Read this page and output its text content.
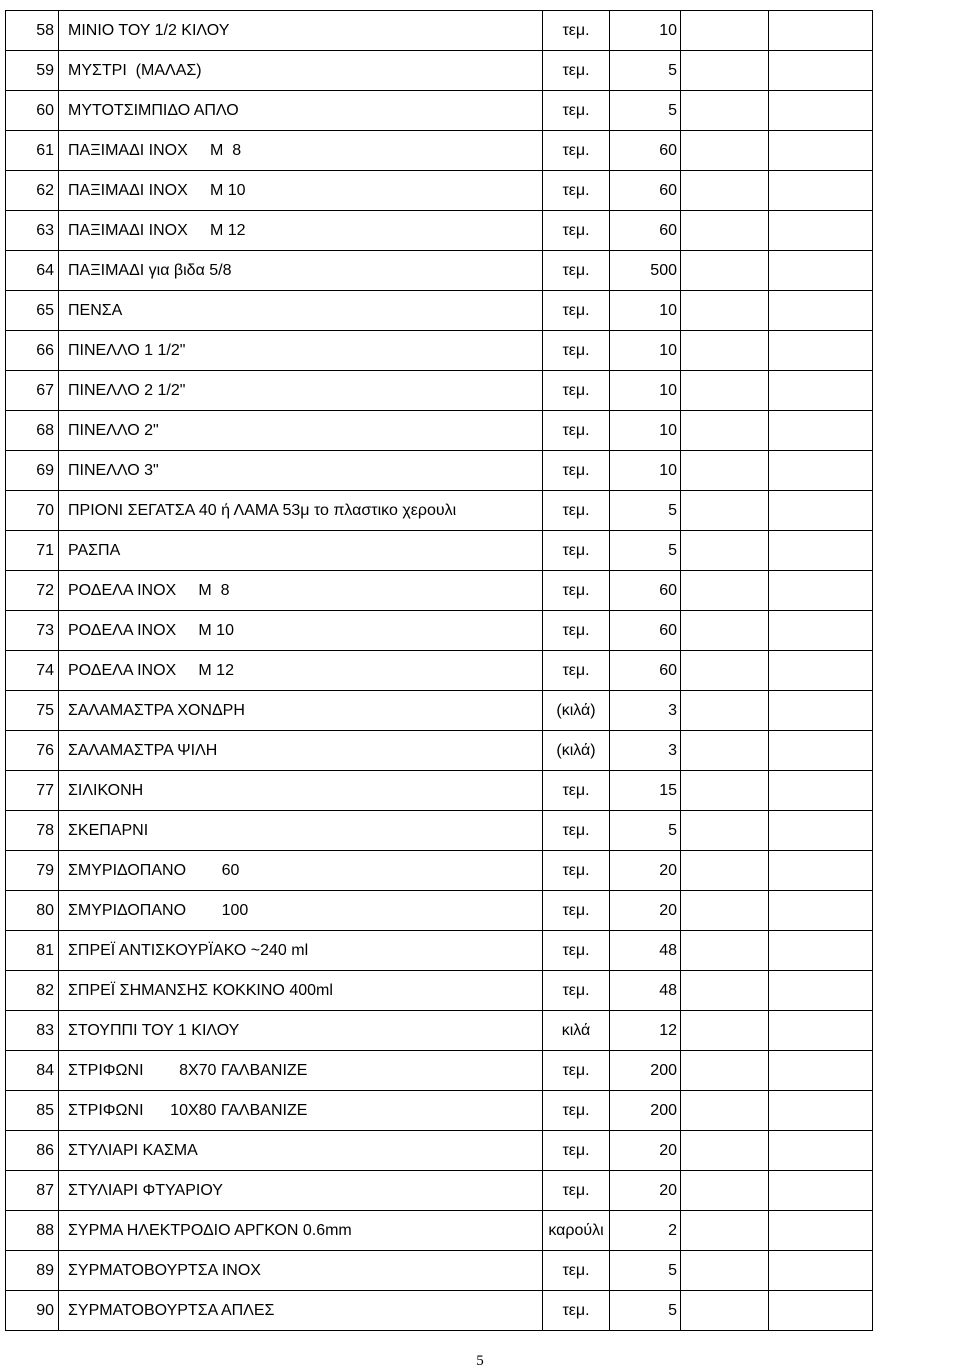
58	ΜΙΝΙΟ ΤΟΥ 1/2 ΚΙΛΟΥ	τεμ.	10		
59	ΜΥΣΤΡΙ  (ΜΑΛΑΣ)	τεμ.	5		
60	ΜΥΤΟΤΣΙΜΠΙΔΟ ΑΠΛΟ	τεμ.	5		
61	ΠΑΞΙΜΑΔΙ ΙΝΟΧ     Μ  8	τεμ.	60		
62	ΠΑΞΙΜΑΔΙ ΙΝΟΧ     Μ 10	τεμ.	60		
63	ΠΑΞΙΜΑΔΙ ΙΝΟΧ     Μ 12	τεμ.	60		
64	ΠΑΞΙΜΑΔΙ για βιδα 5/8	τεμ.	500		
65	ΠΕΝΣΑ	τεμ.	10		
66	ΠΙΝΕΛΛΟ 1 1/2"	τεμ.	10		
67	ΠΙΝΕΛΛΟ 2 1/2"	τεμ.	10		
68	ΠΙΝΕΛΛΟ 2"	τεμ.	10		
69	ΠΙΝΕΛΛΟ 3"	τεμ.	10		
70	ΠΡΙΟΝΙ ΣΕΓΑΤΣΑ 40 ή ΛΑΜΑ 53μ το πλαστικο χερουλι	τεμ.	5		
71	ΡΑΣΠΑ	τεμ.	5		
72	ΡΟΔΕΛΑ ΙΝΟΧ     Μ  8	τεμ.	60		
73	ΡΟΔΕΛΑ ΙΝΟΧ     Μ 10	τεμ.	60		
74	ΡΟΔΕΛΑ ΙΝΟΧ     Μ 12	τεμ.	60		
75	ΣΑΛΑΜΑΣΤΡΑ ΧΟΝΔΡΗ	(κιλά)	3		
76	ΣΑΛΑΜΑΣΤΡΑ ΨΙΛΗ	(κιλά)	3		
77	ΣΙΛΙΚΟΝΗ	τεμ.	15		
78	ΣΚΕΠΑΡΝΙ	τεμ.	5		
79	ΣΜΥΡΙΔΟΠΑΝΟ        60	τεμ.	20		
80	ΣΜΥΡΙΔΟΠΑΝΟ        100	τεμ.	20		
81	ΣΠΡΕΪ ΑΝΤΙΣΚΟΥΡΪΑΚΟ ~240 ml	τεμ.	48		
82	ΣΠΡΕΪ ΣΗΜΑΝΣΗΣ ΚΟΚΚΙΝΟ 400ml	τεμ.	48		
83	ΣΤΟΥΠΠΙ ΤΟΥ 1 ΚΙΛΟΥ	κιλά	12		
84	ΣΤΡΙΦΩΝΙ        8Χ70 ΓΑΛΒΑΝΙΖΕ	τεμ.	200		
85	ΣΤΡΙΦΩΝΙ      10Χ80 ΓΑΛΒΑΝΙΖΕ	τεμ.	200		
86	ΣΤΥΛΙΑΡΙ ΚΑΣΜΑ	τεμ.	20		
87	ΣΤΥΛΙΑΡΙ ΦΤΥΑΡΙΟΥ	τεμ.	20		
88	ΣΥΡΜΑ ΗΛΕΚΤΡΟΔΙΟ ΑΡΓΚΟΝ 0.6mm	καρούλι	2		
89	ΣΥΡΜΑΤΟΒΟΥΡΤΣΑ ΙΝΟΧ	τεμ.	5		
90	ΣΥΡΜΑΤΟΒΟΥΡΤΣΑ ΑΠΛΕΣ	τεμ.	5		
5
